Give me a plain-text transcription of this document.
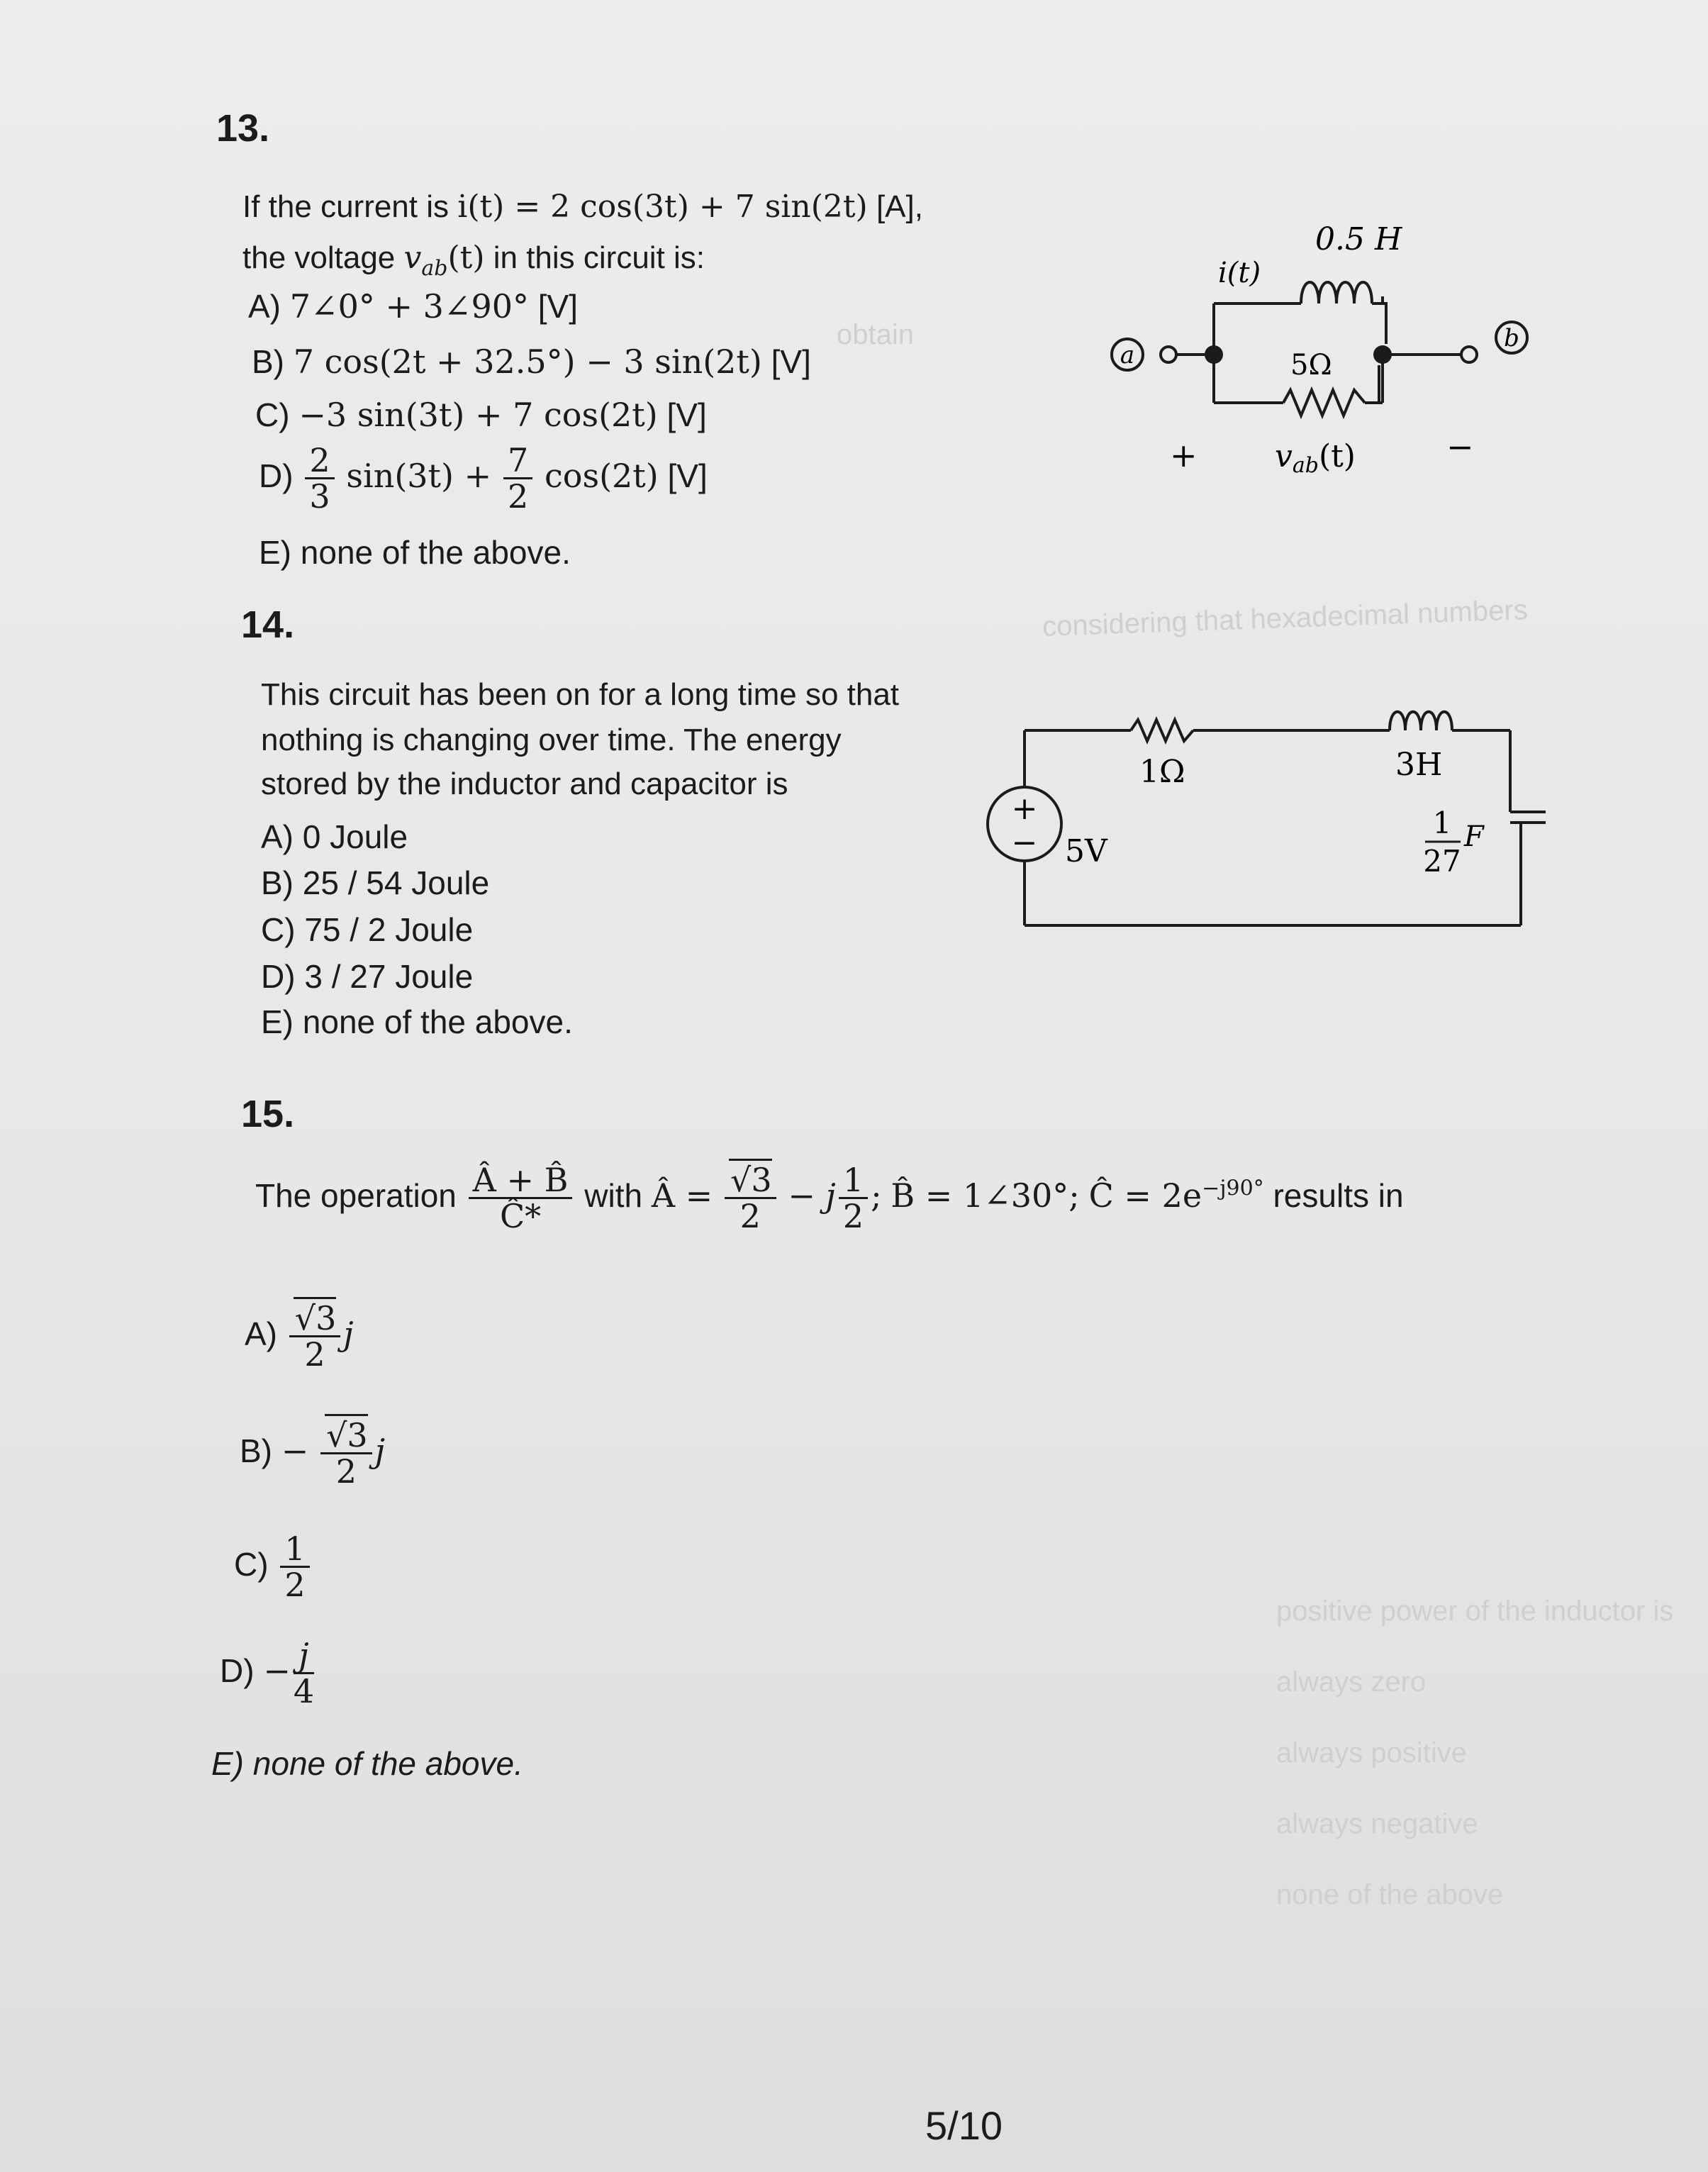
considering that hexadecimal numbers
obtain
positive power of the inductor is
always zero
always positive
always negative
none of the above
13.
If the current is i(t) = 2 cos(3t) + 7 sin(2t) [A],
the voltage $v_{ab}(t)$ in this circuit is:
A) 7∠0° + 3∠90° [V]
B) 7 cos(2t + 32.5°) − 3 sin(2t) [V]
C) −3 sin(3t) + 7 cos(2t) [V]
$D) \frac{2}{3} \sin(3t) + \frac{7}{2} \cos(2t)$ [V]
E) none of the above.
a
b
0.5 H
i(t)
5Ω
+	−
vab(t)
14.
This circuit has been on for a long time so that
nothing is changing over time. The energy
stored by the inductor and capacitor is
A) 0 Joule
B) 25 / 54 Joule
C) 75 / 2 Joule
D) 3 / 27 Joule
E) none of the above.
+
− 5V
1Ω	3H
1
27
F
15.
The operation $\frac{Â + B̂}{Ĉ*}$ with Â = $\frac{√3}{2} - j \frac{1}{2}$ ; B̂ = 1∠30°; Ĉ = $2e^{-j90^\circ}$ results in
$A) \frac{√3}{2}$ j
$B) - \frac{√3}{2}$ j
$C) \frac{1}{2}$
$D) - \frac{j}{4}$
E) none of the above.
5/10
